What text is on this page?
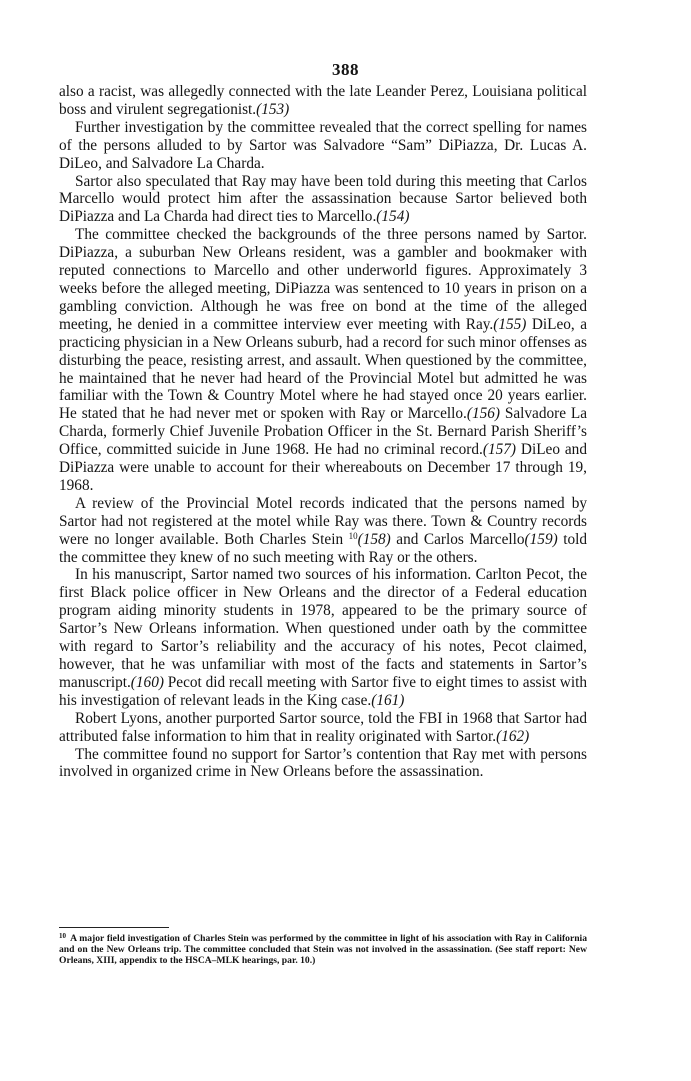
388

also a racist, was allegedly connected with the late Leander Perez, Louisiana political boss and virulent segregationist.(153)

Further investigation by the committee revealed that the correct spelling for names of the persons alluded to by Sartor was Salvadore “Sam” DiPiazza, Dr. Lucas A. DiLeo, and Salvadore La Charda.

Sartor also speculated that Ray may have been told during this meeting that Carlos Marcello would protect him after the assassination because Sartor believed both DiPiazza and La Charda had direct ties to Marcello.(154)

The committee checked the backgrounds of the three persons named by Sartor. DiPiazza, a suburban New Orleans resident, was a gambler and bookmaker with reputed connections to Marcello and other underworld figures. Approximately 3 weeks before the alleged meeting, DiPiazza was sentenced to 10 years in prison on a gambling conviction. Although he was free on bond at the time of the alleged meeting, he denied in a committee interview ever meeting with Ray.(155) DiLeo, a practicing physician in a New Orleans suburb, had a record for such minor offenses as disturbing the peace, resisting arrest, and assault. When questioned by the committee, he maintained that he never had heard of the Provincial Motel but admitted he was familiar with the Town & Country Motel where he had stayed once 20 years earlier. He stated that he had never met or spoken with Ray or Marcello.(156) Salvadore La Charda, formerly Chief Juvenile Probation Officer in the St. Bernard Parish Sheriff’s Office, committed suicide in June 1968. He had no criminal record.(157) DiLeo and DiPiazza were unable to account for their whereabouts on December 17 through 19, 1968.

A review of the Provincial Motel records indicated that the persons named by Sartor had not registered at the motel while Ray was there. Town & Country records were no longer available. Both Charles Stein $^{10}$(158) and Carlos Marcello(159) told the committee they knew of no such meeting with Ray or the others.

In his manuscript, Sartor named two sources of his information. Carlton Pecot, the first Black police officer in New Orleans and the director of a Federal education program aiding minority students in 1978, appeared to be the primary source of Sartor’s New Orleans information. When questioned under oath by the committee with regard to Sartor’s reliability and the accuracy of his notes, Pecot claimed, however, that he was unfamiliar with most of the facts and statements in Sartor’s manuscript.(160) Pecot did recall meeting with Sartor five to eight times to assist with his investigation of relevant leads in the King case.(161)

Robert Lyons, another purported Sartor source, told the FBI in 1968 that Sartor had attributed false information to him that in reality originated with Sartor.(162)

The committee found no support for Sartor’s contention that Ray met with persons involved in organized crime in New Orleans before the assassination.

$^{10}$ A major field investigation of Charles Stein was performed by the committee in light of his association with Ray in California and on the New Orleans trip. The committee concluded that Stein was not involved in the assassination. (See staff report: New Orleans, XIII, appendix to the HSCA–MLK hearings, par. 10.)
